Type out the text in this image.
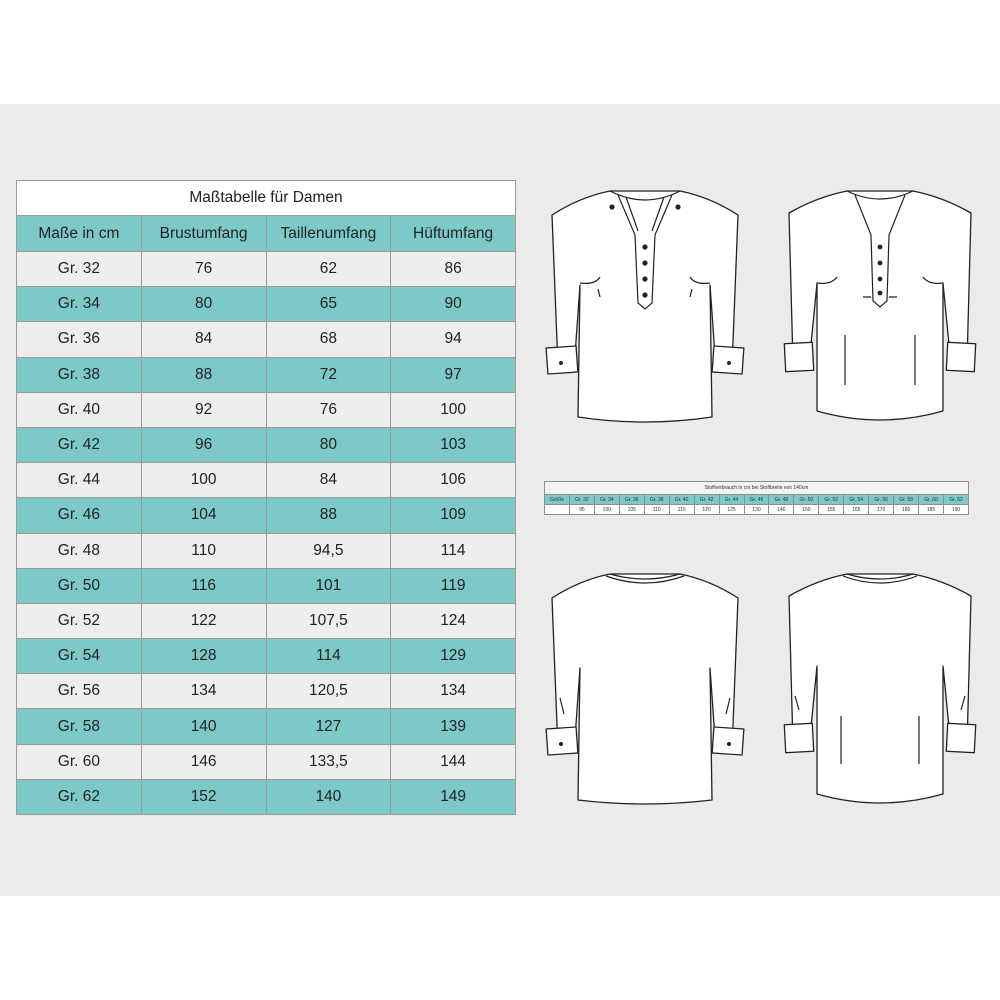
Maßtabelle für Damen			
Maße in cm	Brustumfang	Taillenumfang	Hüftumfang
Gr. 32	76	62	86
Gr. 34	80	65	90
Gr. 36	84	68	94
Gr. 38	88	72	97
Gr. 40	92	76	100
Gr. 42	96	80	103
Gr. 44	100	84	106
Gr. 46	104	88	109
Gr. 48	110	94,5	114
Gr. 50	116	101	119
Gr. 52	122	107,5	124
Gr. 54	128	114	129
Gr. 56	134	120,5	134
Gr. 58	140	127	139
Gr. 60	146	133,5	144
Gr. 62	152	140	149
Stoffverbrauch in cm bei Stoffbreite von 140cm																
Größe	Gr. 32	Gr. 34	Gr. 36	Gr. 38	Gr. 40	Gr. 42	Gr. 44	Gr. 46	Gr. 48	Gr. 50	Gr. 52	Gr. 54	Gr. 56	Gr. 58	Gr. 60	Gr. 62
	95	100	105	110	115	120	125	130	140	150	155	165	170	180	185	190
